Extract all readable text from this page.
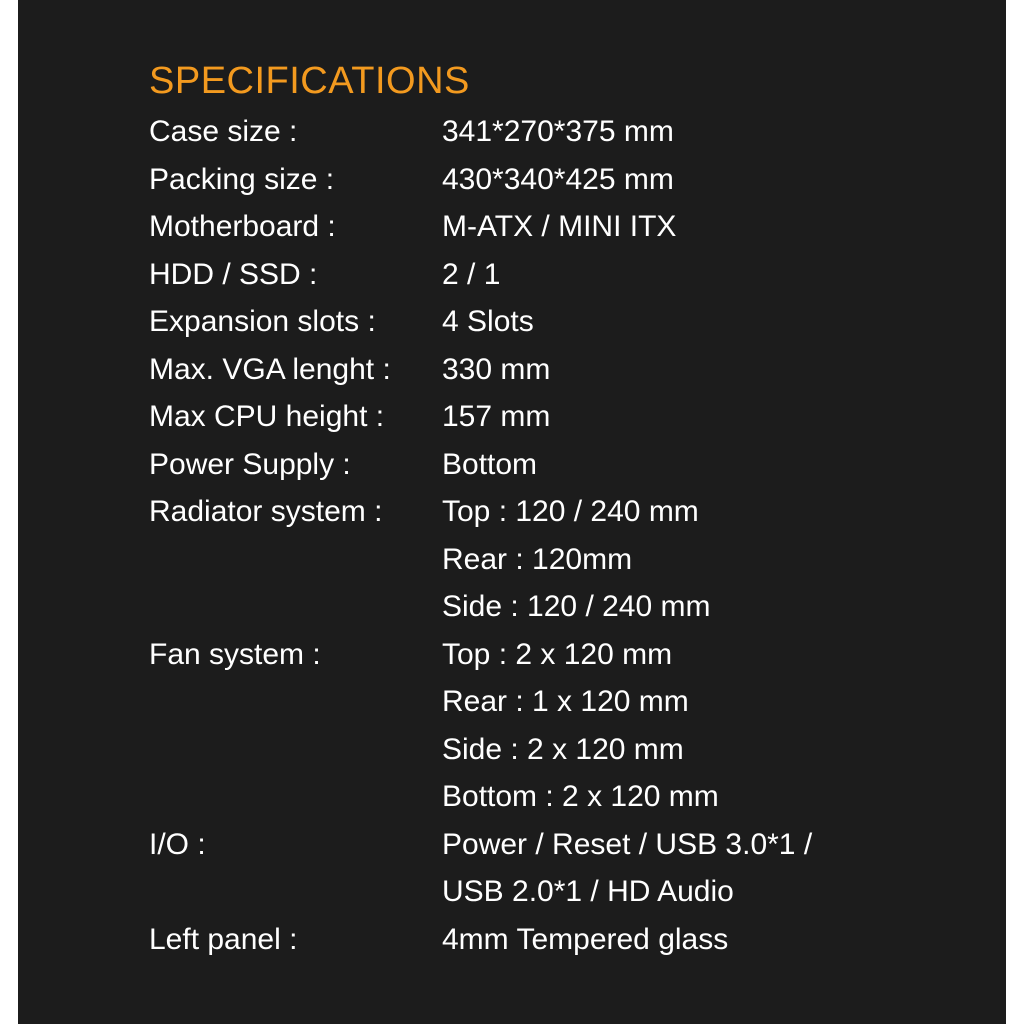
SPECIFICATIONS
Case size :	341*270*375 mm
Packing size :	430*340*425 mm
Motherboard :	M-ATX / MINI ITX
HDD / SSD :	2 / 1
Expansion slots : 4 Slots
Max. VGA lenght : 330 mm
Max CPU height : 157 mm
Power Supply :	Bottom
Radiator system : Top : 120 / 240 mm
Rear : 120mm
Side : 120 / 240 mm
Fan system :	Top : 2 x 120 mm
Rear : 1 x 120 mm
Side : 2 x 120 mm
Bottom : 2 x 120 mm
I/O :	Power / Reset / USB 3.0*1 /
USB 2.0*1 / HD Audio
Left panel :	4mm Tempered glass
